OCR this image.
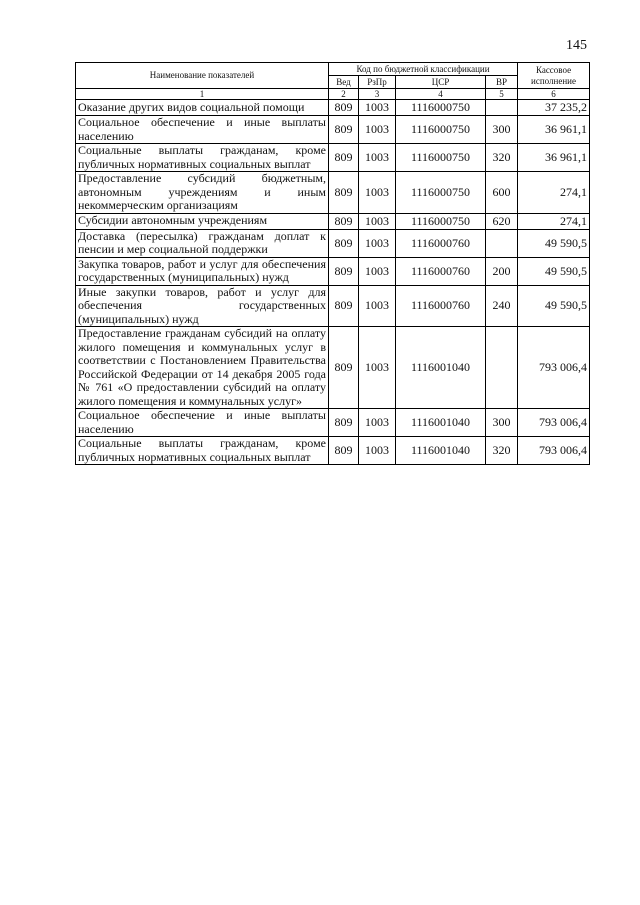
145
Наименование показателей	Код по бюджетной классификации				Кассовое исполнение
	Вед	РзПр	ЦСР	ВР	
1	2	3	4	5	6
Оказание других видов социальной помощи	809	1003	1116000750		37 235,2
Социальное обеспечение и иные выплаты населению	809	1003	1116000750	300	36 961,1
Социальные выплаты гражданам, кроме публичных нормативных социальных выплат	809	1003	1116000750	320	36 961,1
Предоставление субсидий бюджетным, автономным учреждениям и иным некоммерческим организациям	809	1003	1116000750	600	274,1
Субсидии автономным учреждениям	809	1003	1116000750	620	274,1
Доставка (пересылка) гражданам доплат к пенсии и мер социальной поддержки	809	1003	1116000760		49 590,5
Закупка товаров, работ и услуг для обеспечения государственных (муниципальных) нужд	809	1003	1116000760	200	49 590,5
Иные закупки товаров, работ и услуг для обеспечения государственных (муниципальных) нужд	809	1003	1116000760	240	49 590,5
Предоставление гражданам субсидий на оплату жилого помещения и коммунальных услуг в соответствии с Постановлением Правительства Российской Федерации от 14 декабря 2005 года № 761 «О предоставлении субсидий на оплату жилого помещения и коммунальных услуг»	809	1003	1116001040		793 006,4
Социальное обеспечение и иные выплаты населению	809	1003	1116001040	300	793 006,4
Социальные выплаты гражданам, кроме публичных нормативных социальных выплат	809	1003	1116001040	320	793 006,4
